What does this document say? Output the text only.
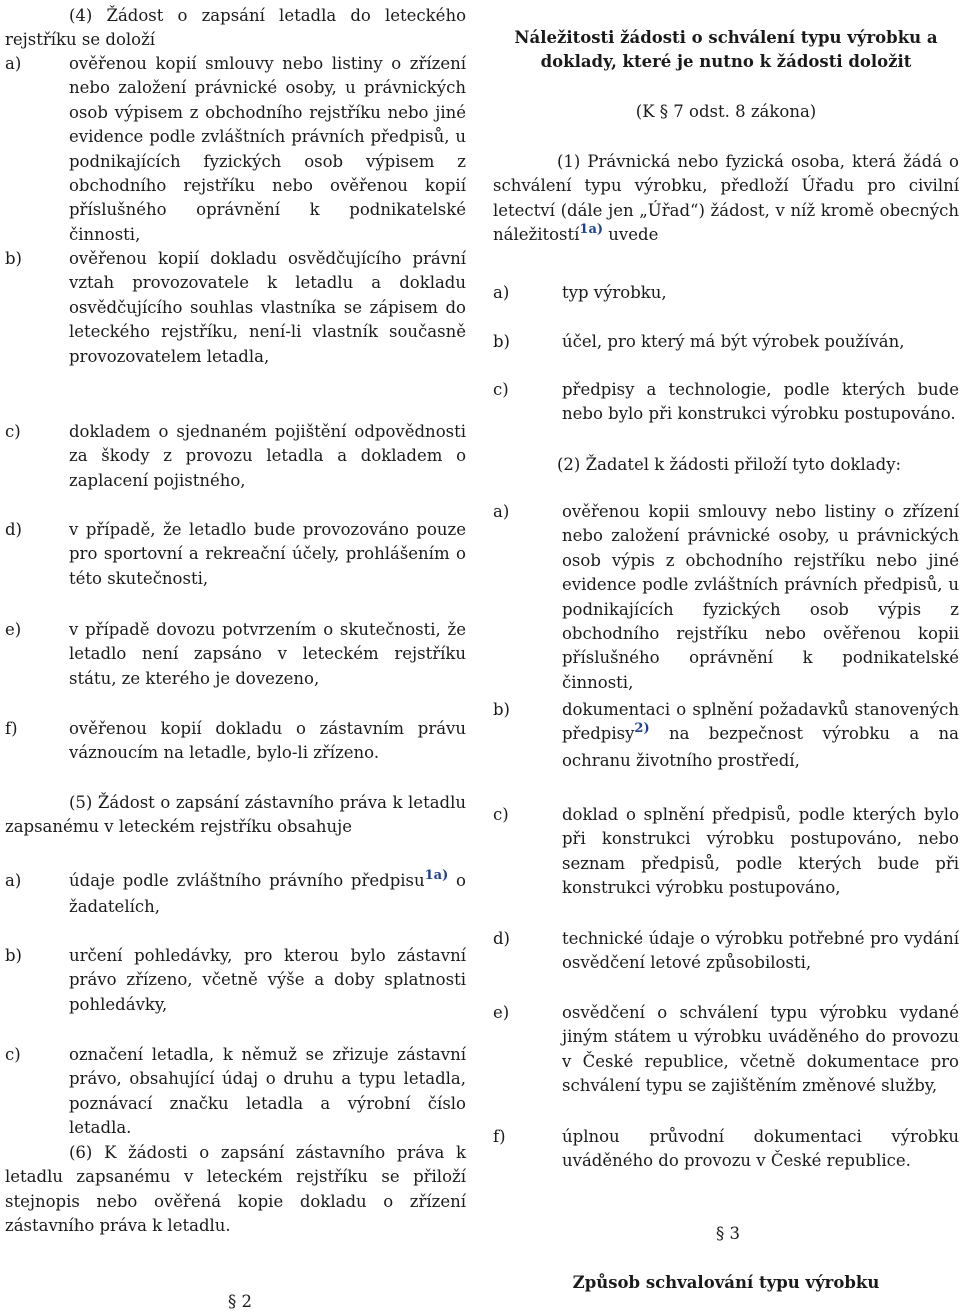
(4) Žádost o zapsání letadla do leteckého rejstříku se doloží
a)	ověřenou kopií smlouvy nebo listiny o zřízení nebo založení právnické osoby, u právnických osob výpisem z obchodního rejstříku nebo jiné evidence podle zvláštních právních předpisů, u podnikajících fyzických osob výpisem z obchodního rejstříku nebo ověřenou kopií příslušného oprávnění k podnikatelské činnosti,
b)	ověřenou kopií dokladu osvědčujícího právní vztah provozovatele k letadlu a dokladu osvědčujícího souhlas vlastníka se zápisem do leteckého rejstříku, není-li vlastník současně provozovatelem letadla,
c)	dokladem o sjednaném pojištění odpovědnosti za škody z provozu letadla a dokladem o zaplacení pojistného,
d)	v případě, že letadlo bude provozováno pouze pro sportovní a rekreační účely, prohlášením o této skutečnosti,
e)	v případě dovozu potvrzením o skutečnosti, že letadlo není zapsáno v leteckém rejstříku státu, ze kterého je dovezeno,
f)	ověřenou kopií dokladu o zástavním právu váznoucím na letadle, bylo-li zřízeno.
(5) Žádost o zapsání zástavního práva k letadlu zapsanému v leteckém rejstříku obsahuje
a)	údaje podle zvláštního právního předpisu$^{1a)}$ o žadatelích,
b)	určení pohledávky, pro kterou bylo zástavní právo zřízeno, včetně výše a doby splatnosti pohledávky,
c)	označení letadla, k němuž se zřizuje zástavní právo, obsahující údaj o druhu a typu letadla, poznávací značku letadla a výrobní číslo letadla.
(6) K žádosti o zapsání zástavního práva k letadlu zapsanému v leteckém rejstříku se přiloží stejnopis nebo ověřená kopie dokladu o zřízení zástavního práva k letadlu.
§ 2
Náležitosti žádosti o schválení typu výrobku a doklady, které je nutno k žádosti doložit
(K § 7 odst. 8 zákona)
(1) Právnická nebo fyzická osoba, která žádá o schválení typu výrobku, předloží Úřadu pro civilní letectví (dále jen „Úřad“) žádost, v níž kromě obecných náležitostí$^{1a)}$ uvede
a)	typ výrobku,
b)	účel, pro který má být výrobek používán,
c)	předpisy a technologie, podle kterých bude nebo bylo při konstrukci výrobku postupováno.
(2) Žadatel k žádosti přiloží tyto doklady:
a)	ověřenou kopii smlouvy nebo listiny o zřízení nebo založení právnické osoby, u právnických osob výpis z obchodního rejstříku nebo jiné evidence podle zvláštních právních předpisů, u podnikajících fyzických osob výpis z obchodního rejstříku nebo ověřenou kopii příslušného oprávnění k podnikatelské činnosti,
b)	dokumentaci o splnění požadavků stanovených předpisy$^{2)}$ na bezpečnost výrobku a na ochranu životního prostředí,
c)	doklad o splnění předpisů, podle kterých bylo při konstrukci výrobku postupováno, nebo seznam předpisů, podle kterých bude při konstrukci výrobku postupováno,
d)	technické údaje o výrobku potřebné pro vydání osvědčení letové způsobilosti,
e)	osvědčení o schválení typu výrobku vydané jiným státem u výrobku uváděného do provozu v České republice, včetně dokumentace pro schválení typu se zajištěním změnové služby,
f)	úplnou průvodní dokumentaci výrobku uváděného do provozu v České republice.
§ 3
Způsob schvalování typu výrobku
